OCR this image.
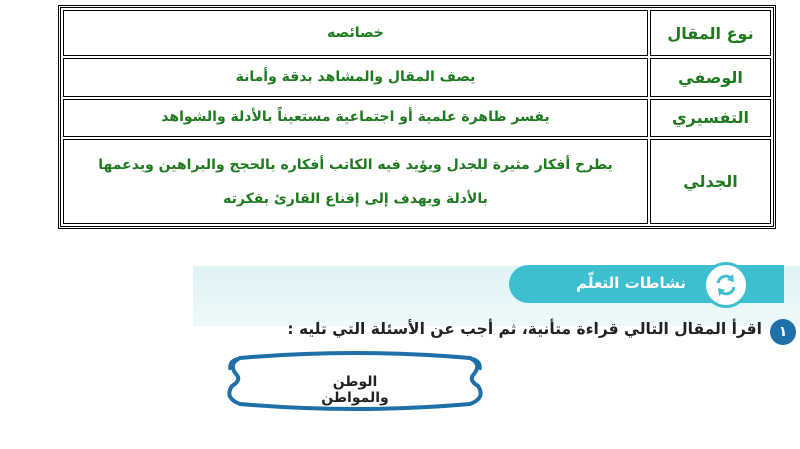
نوع المقال	خصائصه
الوصفي	يصف المقال والمشاهد بدقة وأمانة
التفسيري	يفسر ظاهرة علمية أو اجتماعية مستعيناً بالأدلة والشواهد
الجدلي	يطرح أفكار مثيرة للجدل ويؤيد فيه الكاتب أفكاره بالحجج والبراهين ويدعمها
بالأدلة ويهدف إلى إقناع القارئ بفكرته
نشاطات التعلّم
١
اقرأ المقال التالي قراءة متأنية، ثم أجب عن الأسئلة التي تليه :
الوطن والمواطن
